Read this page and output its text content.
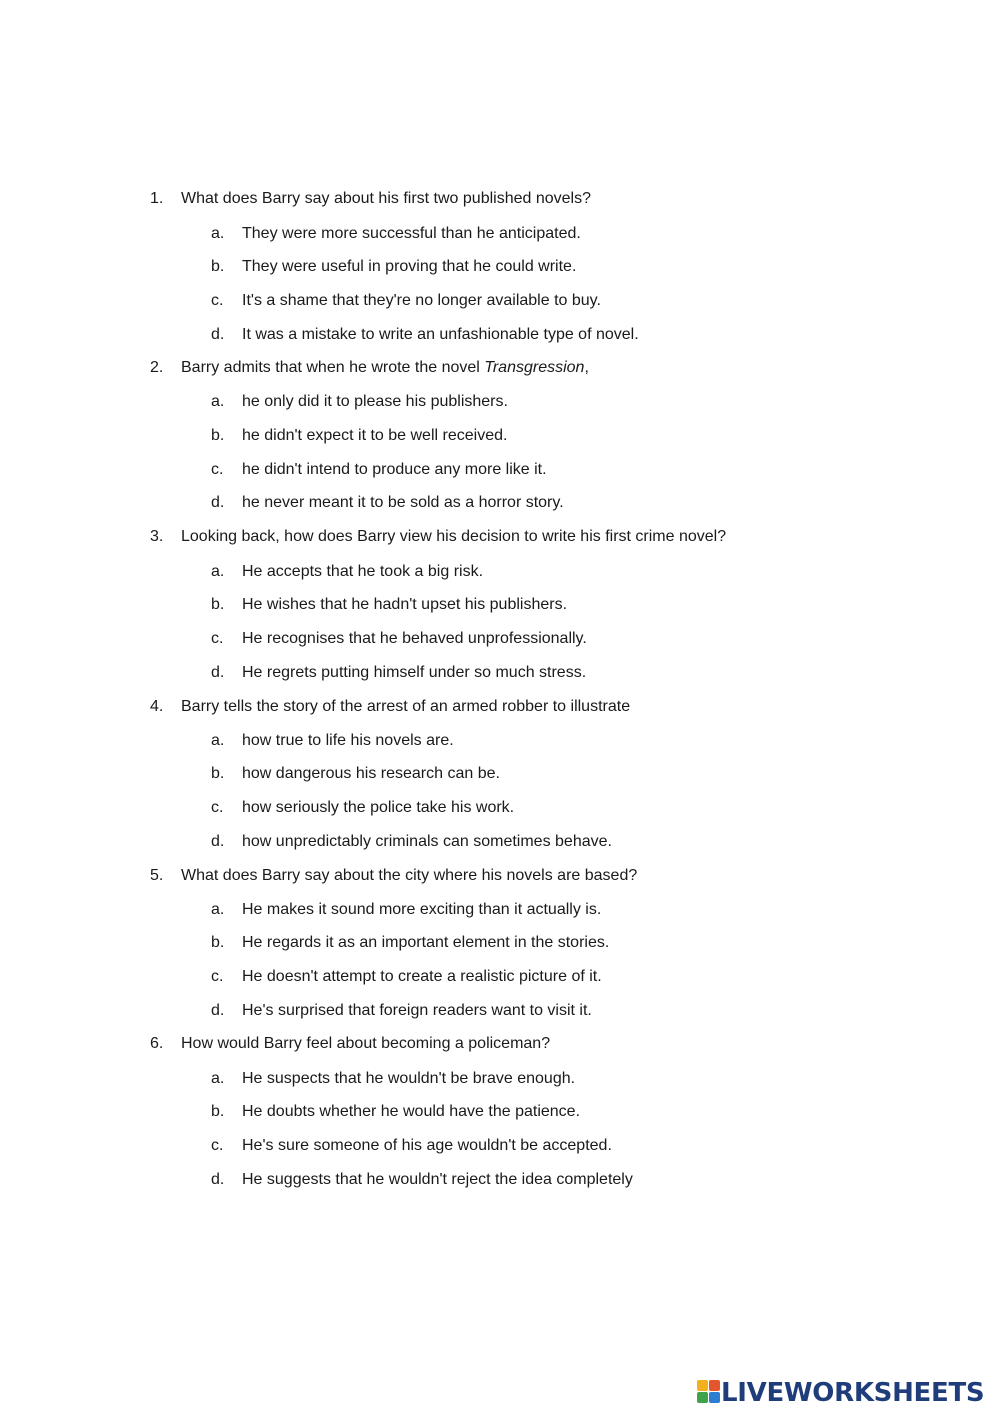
1. What does Barry say about his first two published novels?
a. They were more successful than he anticipated.
b. They were useful in proving that he could write.
c. It's a shame that they're no longer available to buy.
d. It was a mistake to write an unfashionable type of novel.
2. Barry admits that when he wrote the novel Transgression,
a. he only did it to please his publishers.
b. he didn't expect it to be well received.
c. he didn't intend to produce any more like it.
d. he never meant it to be sold as a horror story.
3. Looking back, how does Barry view his decision to write his first crime novel?
a. He accepts that he took a big risk.
b. He wishes that he hadn't upset his publishers.
c. He recognises that he behaved unprofessionally.
d. He regrets putting himself under so much stress.
4. Barry tells the story of the arrest of an armed robber to illustrate
a. how true to life his novels are.
b. how dangerous his research can be.
c. how seriously the police take his work.
d. how unpredictably criminals can sometimes behave.
5. What does Barry say about the city where his novels are based?
a. He makes it sound more exciting than it actually is.
b. He regards it as an important element in the stories.
c. He doesn't attempt to create a realistic picture of it.
d. He's surprised that foreign readers want to visit it.
6. How would Barry feel about becoming a policeman?
a. He suspects that he wouldn't be brave enough.
b. He doubts whether he would have the patience.
c. He's sure someone of his age wouldn't be accepted.
d. He suggests that he wouldn't reject the idea completely
LIVEWORKSHEETS
